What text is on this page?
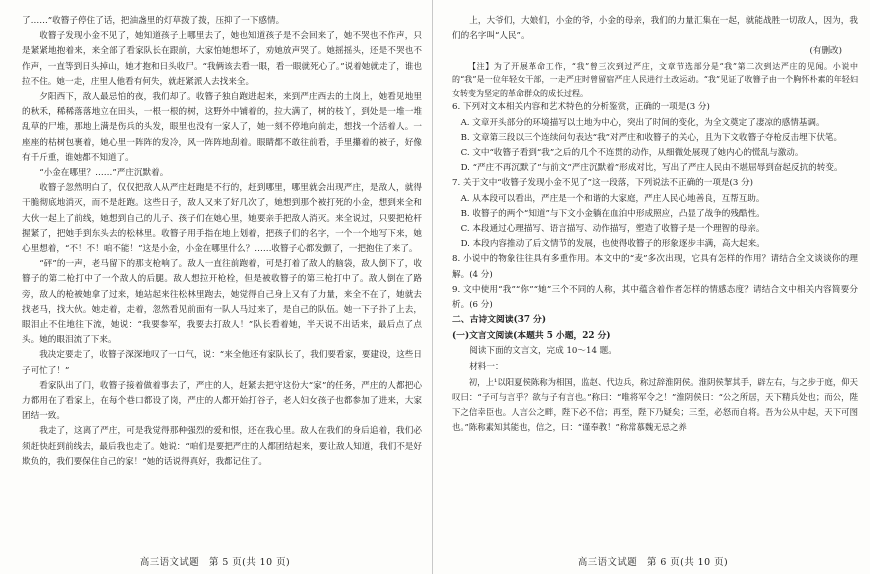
了……”收簪子停住了话，把油盏里的灯草拨了拨，压抑了一下感情。

收簪子发现小金不见了，她知道孩子上哪里去了，她也知道孩子是不会回来了，她不哭也不作声，只是紧紧地抱着来，来全部了看家队长在跟前，大家怕她想坏了，劝她放声哭了。她摇摇头，还是不哭也不作声，一直等到日头掉山，她才抱和日头收尸。“我俩该去看一眼，看一眼就死心了。”说着她就走了，谁也拉不住。她一走，庄里人他看有何失，就赶紧派人去找来全。

夕阳西下，敌人最忌怕的夜，我们却了。收簪子独自跑进起来，来到严庄西去的土岗上，她看见地里的秋禾，稀稀落落地立在田头，一根一根的树，这野外中铺着的，拉大满了，树的枝丫，到处是一堆一堆乱草的尸堆，那地上满是伤兵的头发，眼里也没有一家人了，她一刻不停地向前走，想找一个活着人。一座座的枯树包裹着，她心里一阵阵的发冷，风一阵阵地刮着。眼睛都不敢往前看，手里攥着的被子，好像有千斤重，谁她都不知道了。

“小金在哪里？……”严庄沉默着。

收簪子忽然明白了，仅仅把敌人从严庄赶跑是不行的，赶到哪里，哪里就会出现严庄，是敌人，就得干脆彻底地消灭，而不是赶跑。这些日子，敌人又来了好几次了，她想到那个被打死的小金，想到来全和大伙一起上了前线，她想到自己的儿子、孩子们在她心里，她要亲手把敌人消灭。来全说过，只要把枪杆握紧了，把她手到东头去的松林里。收簪子用手指在地上划着，把孩子们的名字，一个一个地写下来，她心里想着，“不！不！咱不能！”这是小金，小金在哪里什么？……收簪子心都发颤了，一把抱住了来了。

“砰”的一声，老马留下的那支枪响了。敌人一直往前跑着，可是打着了敌人的脑袋，敌人倒下了，收簪子的第二枪打中了一个敌人的后腿。敌人想拉开枪栓，但是被收簪子的第三枪打中了。敌人倒在了路旁，敌人的枪被她拿了过来，她站起来往松林里跑去，她觉得自己身上又有了力量，来全不在了，她就去找老马，找大伙。她走着，走着，忽然看见前面有一队人马过来了，是自己的队伍。她一下子扑了上去，眼泪止不住地往下流，她说：“我要参军，我要去打敌人！”队长看着她，半天说不出话来，最后点了点头。她的眼泪流了下来。

我决定要走了，收簪子深深地叹了一口气，说：“来全他还有家队长了，我们要看家，要建设，这些日子可忙了！”

看家队出了门，收簪子接着做着事去了，严庄的人，赶紧去把守这份大“家”的任务，严庄的人都把心力都用在了看家上，在每个巷口都设了岗，严庄的人都开始打谷子，老人妇女孩子也都参加了进来，大家团结一致。

我走了，这离了严庄，可是我觉得那种强烈的爱和恨，还在我心里。敌人在我们的身后追着，我们必须赶快赶到前线去，最后我也走了。她说：“咱们是要把严庄的人都团结起来，要让敌人知道，我们不是好欺负的，我们要保住自己的家！”她的话说得真好，我都记住了。

高三语文试题　第 5 页(共 10 页)

上，大爷们，大娘们，小金的爷，小金的母亲，我们的力量汇集在一起，就能战胜一切敌人，因为，我们的名字叫“人民”。

(有删改)

【注】为了开展革命工作，“我”曾三次到过严庄，文章节选部分是“我”第二次到达严庄的见闻。小说中的“我”是一位年轻女干部，一走严庄时曾留宿严庄人民进行土改运动。“我”见证了收簪子由一个胸怀朴素的年轻妇女转变为坚定的革命群众的成长过程。

6. 下列对文本相关内容和艺术特色的分析鉴赏，正确的一项是(3 分)

A. 文章开头部分的环境描写以土地为中心，突出了时间的变化，为全文奠定了凄凉的感情基调。

B. 文章第三段以三个连续问句表达“我”对严庄和收簪子的关心，且为下文收簪子夺枪反击埋下伏笔。

C. 文中“收簪子看到“我”之后的几个不连贯的动作，从细微处展现了她内心的慌乱与激动。

D. “严庄不再沉默了”与前文“严庄沉默着”形成对比，写出了严庄人民由不堪屈辱到奋起反抗的转变。

7. 关于文中“收簪子发现小金不见了”这一段落，下列说法不正确的一项是(3 分)

A. 从本段可以看出，严庄是一个和谐的大家庭，严庄人民心地善良，互帮互助。

B. 收簪子的两个“知道”与下文小金躺在血泊中形成照应，凸显了战争的残酷性。

C. 本段通过心理描写、语言描写、动作描写，塑造了收簪子是一个理智的母亲。

D. 本段内容推动了后文情节的发展，也使得收簪子的形象逐步丰满，高大起来。

8. 小说中的物象往往具有多重作用。本文中的“麦”多次出现，它具有怎样的作用？请结合全文谈谈你的理解。(4 分)

9. 文中使用“我”“你”“她”三个不同的人称，其中蕴含着作者怎样的情感态度？请结合文中相关内容简要分析。(6 分)

二、古诗文阅读(37 分)

(一)文言文阅读(本题共 5 小题，22 分)

阅读下面的文言文，完成 10～14 题。

材料一：

初，上¹以阳夏侯陈称为相国，监赵、代边兵，称过辞淮阴侯。淮阴侯挈其手，辟左右，与之步于庭，仰天叹曰：“子可与言乎？欲与子有言也。”称曰：“唯将军令之！”淮阴侯曰：“公之所居，天下精兵处也；而公，陛下之信幸臣也。人言公之畔，陛下必不信；再至，陛下乃疑矣；三至，必怒而自将。吾为公从中起，天下可图也。”陈称素知其能也，信之，曰：“谨奉教！”称常慕魏无忌之养

高三语文试题　第 6 页(共 10 页)
